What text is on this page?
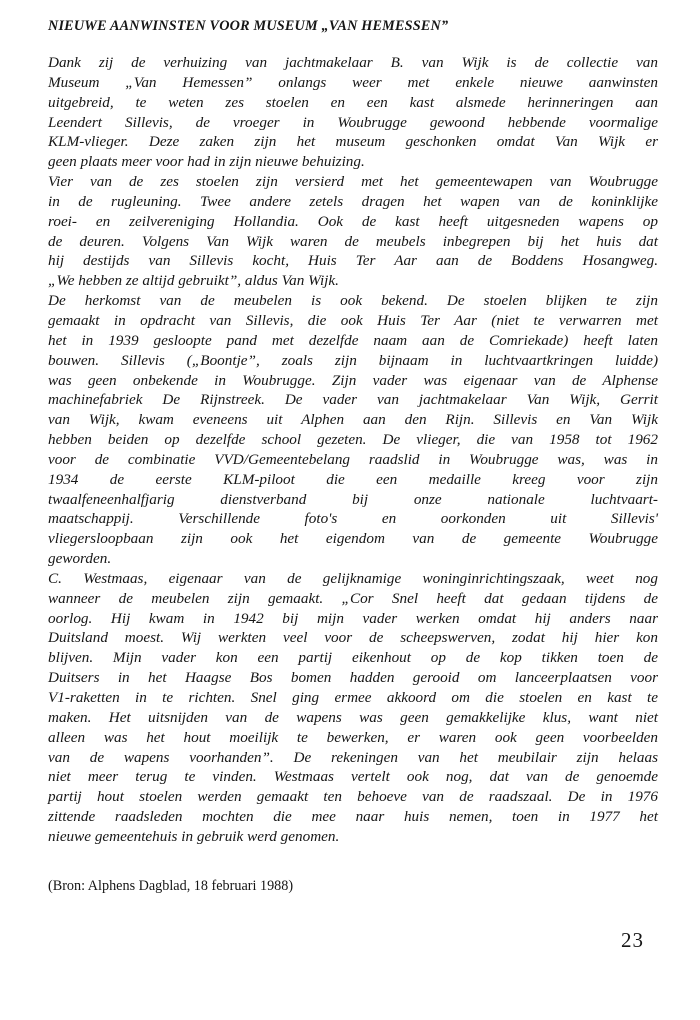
NIEUWE AANWINSTEN VOOR MUSEUM „VAN HEMESSEN”
Dank zij de verhuizing van jachtmakelaar B. van Wijk is de collectie van
Museum „Van Hemessen” onlangs weer met enkele nieuwe aanwinsten
uitgebreid, te weten zes stoelen en een kast alsmede herinneringen aan
Leendert Sillevis, de vroeger in Woubrugge gewoond hebbende voormalige
KLM-vlieger. Deze zaken zijn het museum geschonken omdat Van Wijk er
geen plaats meer voor had in zijn nieuwe behuizing.
Vier van de zes stoelen zijn versierd met het gemeentewapen van Woubrugge
in de rugleuning. Twee andere zetels dragen het wapen van de koninklijke
roei- en zeilvereniging Hollandia. Ook de kast heeft uitgesneden wapens op
de deuren. Volgens Van Wijk waren de meubels inbegrepen bij het huis dat
hij destijds van Sillevis kocht, Huis Ter Aar aan de Boddens Hosangweg.
„We hebben ze altijd gebruikt”, aldus Van Wijk.
De herkomst van de meubelen is ook bekend. De stoelen blijken te zijn
gemaakt in opdracht van Sillevis, die ook Huis Ter Aar (niet te verwarren met
het in 1939 gesloopte pand met dezelfde naam aan de Comriekade) heeft laten
bouwen. Sillevis („Boontje”, zoals zijn bijnaam in luchtvaartkringen luidde)
was geen onbekende in Woubrugge. Zijn vader was eigenaar van de Alphense
machinefabriek De Rijnstreek. De vader van jachtmakelaar Van Wijk, Gerrit
van Wijk, kwam eveneens uit Alphen aan den Rijn. Sillevis en Van Wijk
hebben beiden op dezelfde school gezeten. De vlieger, die van 1958 tot 1962
voor de combinatie VVD/Gemeentebelang raadslid in Woubrugge was, was in
1934 de eerste KLM-piloot die een medaille kreeg voor zijn
twaalfeneenhalfjarig dienstverband bij onze nationale luchtvaart-
maatschappij. Verschillende foto's en oorkonden uit Sillevis'
vliegersloopbaan zijn ook het eigendom van de gemeente Woubrugge
geworden.
C. Westmaas, eigenaar van de gelijknamige woninginrichtingszaak, weet nog
wanneer de meubelen zijn gemaakt. „Cor Snel heeft dat gedaan tijdens de
oorlog. Hij kwam in 1942 bij mijn vader werken omdat hij anders naar
Duitsland moest. Wij werkten veel voor de scheepswerven, zodat hij hier kon
blijven. Mijn vader kon een partij eikenhout op de kop tikken toen de
Duitsers in het Haagse Bos bomen hadden gerooid om lanceerplaatsen voor
V1-raketten in te richten. Snel ging ermee akkoord om die stoelen en kast te
maken. Het uitsnijden van de wapens was geen gemakkelijke klus, want niet
alleen was het hout moeilijk te bewerken, er waren ook geen voorbeelden
van de wapens voorhanden”. De rekeningen van het meubilair zijn helaas
niet meer terug te vinden. Westmaas vertelt ook nog, dat van de genoemde
partij hout stoelen werden gemaakt ten behoeve van de raadszaal. De in 1976
zittende raadsleden mochten die mee naar huis nemen, toen in 1977 het
nieuwe gemeentehuis in gebruik werd genomen.
(Bron: Alphens Dagblad, 18 februari 1988)
23
